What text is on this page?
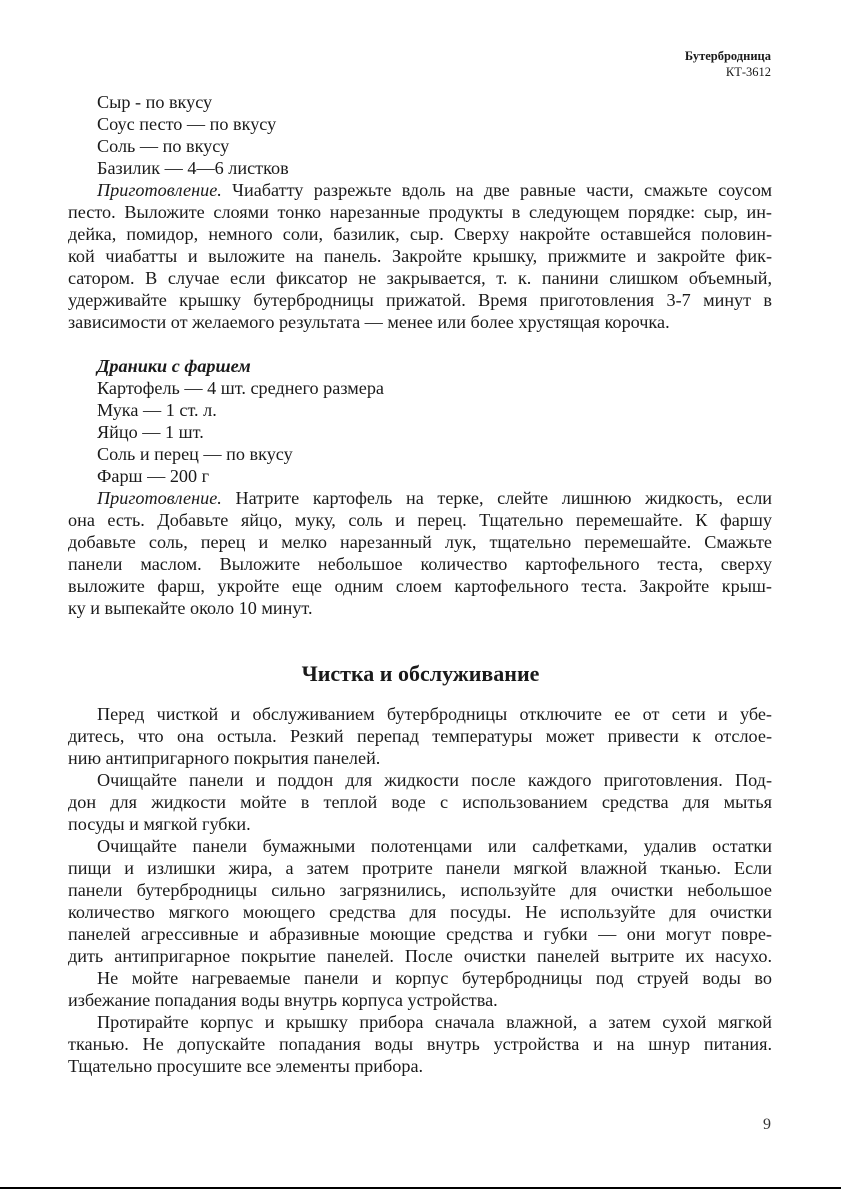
Бутербродница
КТ-3612
Сыр - по вкусу
Соус песто — по вкусу
Соль — по вкусу
Базилик — 4—6 листков
Приготовление. Чиабатту разрежьте вдоль на две равные части, смажьте соусом
песто. Выложите слоями тонко нарезанные продукты в следующем порядке: сыр, ин-
дейка, помидор, немного соли, базилик, сыр. Сверху накройте оставшейся половин-
кой чиабатты и выложите на панель. Закройте крышку, прижмите и закройте фик-
сатором. В случае если фиксатор не закрывается, т. к. панини слишком объемный,
удерживайте крышку бутербродницы прижатой. Время приготовления 3-7 минут в
зависимости от желаемого результата — менее или более хрустящая корочка.
Драники с фаршем
Картофель — 4 шт. среднего размера
Мука — 1 ст. л.
Яйцо — 1 шт.
Соль и перец — по вкусу
Фарш — 200 г
Приготовление. Натрите картофель на терке, слейте лишнюю жидкость, если
она есть. Добавьте яйцо, муку, соль и перец. Тщательно перемешайте. К фаршу
добавьте соль, перец и мелко нарезанный лук, тщательно перемешайте. Смажьте
панели маслом. Выложите небольшое количество картофельного теста, сверху
выложите фарш, укройте еще одним слоем картофельного теста. Закройте крыш-
ку и выпекайте около 10 минут.
Чистка и обслуживание
Перед чисткой и обслуживанием бутербродницы отключите ее от сети и убе-
дитесь, что она остыла. Резкий перепад температуры может привести к отслое-
нию антипригарного покрытия панелей.
Очищайте панели и поддон для жидкости после каждого приготовления. Под-
дон для жидкости мойте в теплой воде с использованием средства для мытья
посуды и мягкой губки.
Очищайте панели бумажными полотенцами или салфетками, удалив остатки
пищи и излишки жира, а затем протрите панели мягкой влажной тканью. Если
панели бутербродницы сильно загрязнились, используйте для очистки небольшое
количество мягкого моющего средства для посуды. Не используйте для очистки
панелей агрессивные и абразивные моющие средства и губки — они могут повре-
дить антипригарное покрытие панелей. После очистки панелей вытрите их насухо.
Не мойте нагреваемые панели и корпус бутербродницы под струей воды во
избежание попадания воды внутрь корпуса устройства.
Протирайте корпус и крышку прибора сначала влажной, а затем сухой мягкой
тканью. Не допускайте попадания воды внутрь устройства и на шнур питания.
Тщательно просушите все элементы прибора.
9
